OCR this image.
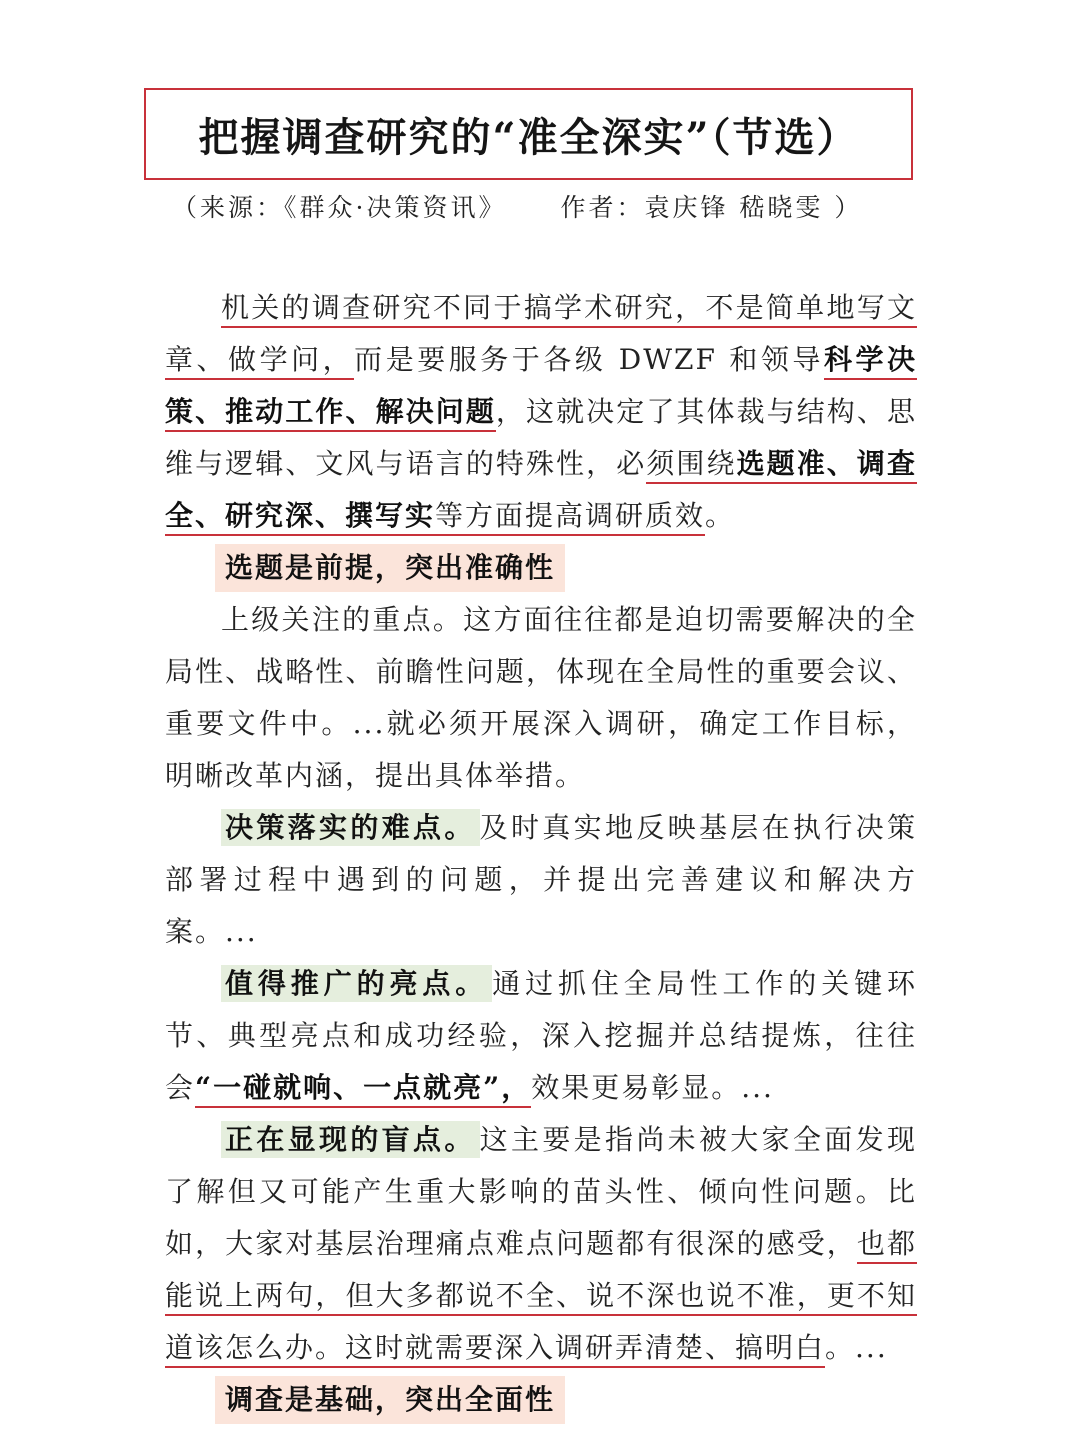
把握调查研究的“准全深实”（节选）
（来源：《群众·决策资讯》 作者：袁庆锋 嵇晓雯 ）

机关的调查研究不同于搞学术研究，不是简单地写文章、做学问，而是要服务于各级 DWZF 和领导科学决策、推动工作、解决问题，这就决定了其体裁与结构、思维与逻辑、文风与语言的特殊性，必须围绕选题准、调查全、研究深、撰写实等方面提高调研质效。

选题是前提，突出准确性

上级关注的重点。这方面往往都是迫切需要解决的全局性、战略性、前瞻性问题，体现在全局性的重要会议、重要文件中。...就必须开展深入调研，确定工作目标，明晰改革内涵，提出具体举措。

决策落实的难点。 及时真实地反映基层在执行决策部署过程中遇到的问题，并提出完善建议和解决方案。...

值得推广的亮点。 通过抓住全局性工作的关键环节、典型亮点和成功经验，深入挖掘并总结提炼，往往会“一碰就响、一点就亮”，效果更易彰显。...

正在显现的盲点。 这主要是指尚未被大家全面发现了解但又可能产生重大影响的苗头性、倾向性问题。比如，大家对基层治理痛点难点问题都有很深的感受，也都能说上两句，但大多都说不全、说不深也说不准，更不知道该怎么办。这时就需要深入调研弄清楚、搞明白。...

调查是基础，突出全面性
